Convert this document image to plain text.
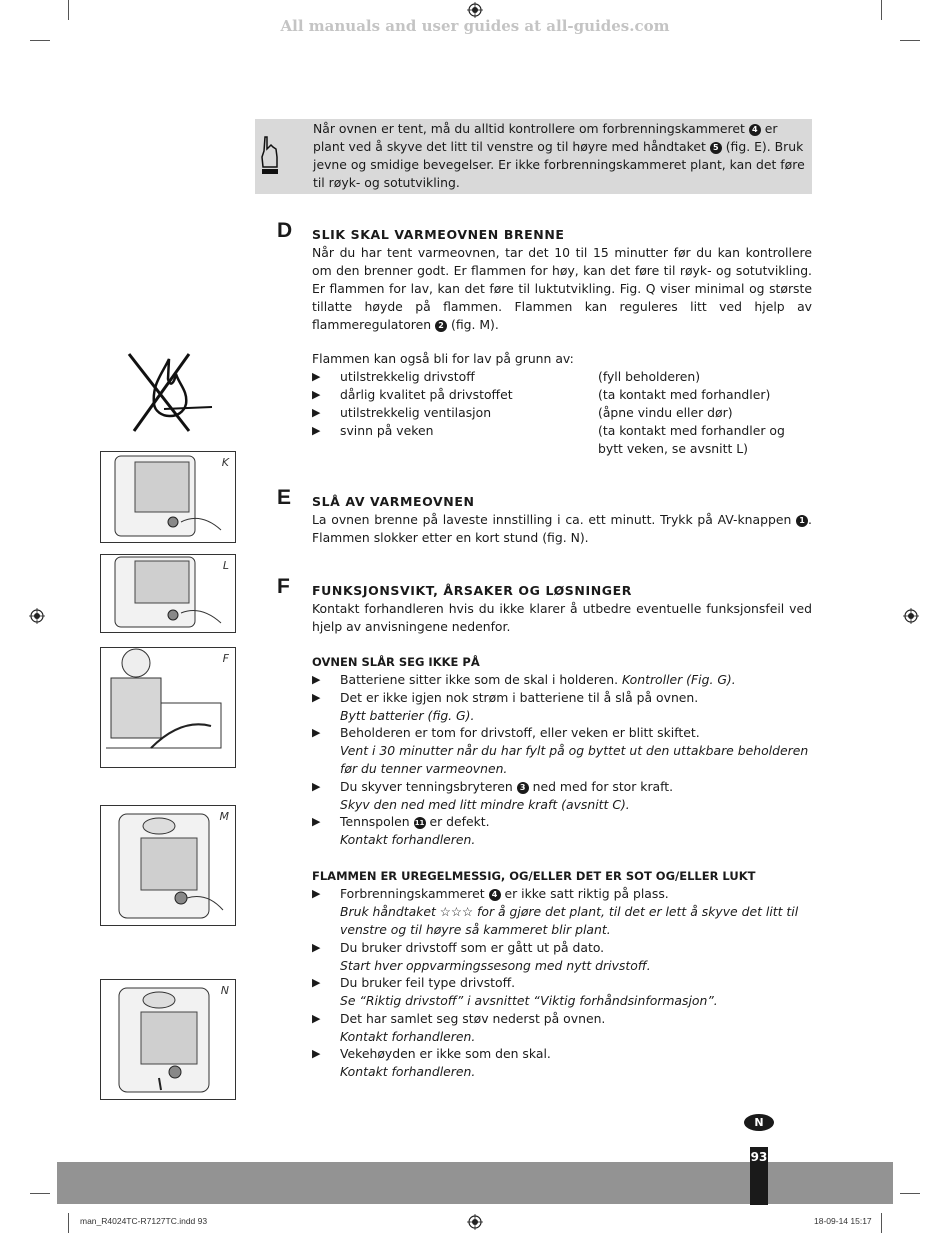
All manuals and user guides at all-guides.com
Når ovnen er tent, må du alltid kontrollere om forbrenningskammeret 4 er plant ved å skyve det litt til venstre og til høyre med håndtaket 5 (fig. E). Bruk jevne og smidige bevegelser. Er ikke forbrenningskammeret plant, kan det føre til røyk- og sotutvikling.
D SLIK SKAL VARMEOVNEN BRENNE
Når du har tent varmeovnen, tar det 10 til 15 minutter før du kan kontrollere om den brenner godt. Er flammen for høy, kan det føre til røyk- og sotutvikling. Er flammen for lav, kan det føre til luktutvikling. Fig. Q viser minimal og største tillatte høyde på flammen. Flammen kan reguleres litt ved hjelp av flammeregulatoren 2 (fig. M).
Flammen kan også bli for lav på grunn av:
▶ utilstrekkelig drivstoff	(fyll beholderen)
▶ dårlig kvalitet på drivstoffet	(ta kontakt med forhandler)
▶ utilstrekkelig ventilasjon	(åpne vindu eller dør)
▶ svinn på veken	(ta kontakt med forhandler og bytt veken, se avsnitt L)
E SLÅ AV VARMEOVNEN
La ovnen brenne på laveste innstilling i ca. ett minutt. Trykk på AV-knappen 1 . Flammen slokker etter en kort stund (fig. N).
F FUNKSJONSVIKT, ÅRSAKER OG LØSNINGER
Kontakt forhandleren hvis du ikke klarer å utbedre eventuelle funksjonsfeil ved hjelp av anvisningene nedenfor.
OVNEN SLÅR SEG IKKE PÅ
▶ Batteriene sitter ikke som de skal i holderen. Kontroller (Fig. G).
▶ Det er ikke igjen nok strøm i batteriene til å slå på ovnen.
Bytt batterier (fig. G).
▶ Beholderen er tom for drivstoff, eller veken er blitt skiftet.
Vent i 30 minutter når du har fylt på og byttet ut den uttakbare beholderen før du tenner varmeovnen.
▶ Du skyver tenningsbryteren 3 ned med for stor kraft.
Skyv den ned med litt mindre kraft (avsnitt C).
▶ Tennspolen 11 er defekt.
Kontakt forhandleren.
FLAMMEN ER UREGELMESSIG, OG/ELLER DET ER SOT OG/ELLER LUKT
▶ Forbrenningskammeret 4 er ikke satt riktig på plass.
Bruk håndtaket ☆☆☆ for å gjøre det plant, til det er lett å skyve det litt til venstre og til høyre så kammeret blir plant.
▶ Du bruker drivstoff som er gått ut på dato.
Start hver oppvarmingssesong med nytt drivstoff.
▶ Du bruker feil type drivstoff.
Se “Riktig drivstoff” i avsnittet “Viktig forhåndsinformasjon”.
▶ Det har samlet seg støv nederst på ovnen.
Kontakt forhandleren.
▶ Vekehøyden er ikke som den skal.
Kontakt forhandleren.
K
L
F
M
N
N
93
man_R4024TC-R7127TC.indd 93	18-09-14 15:17
